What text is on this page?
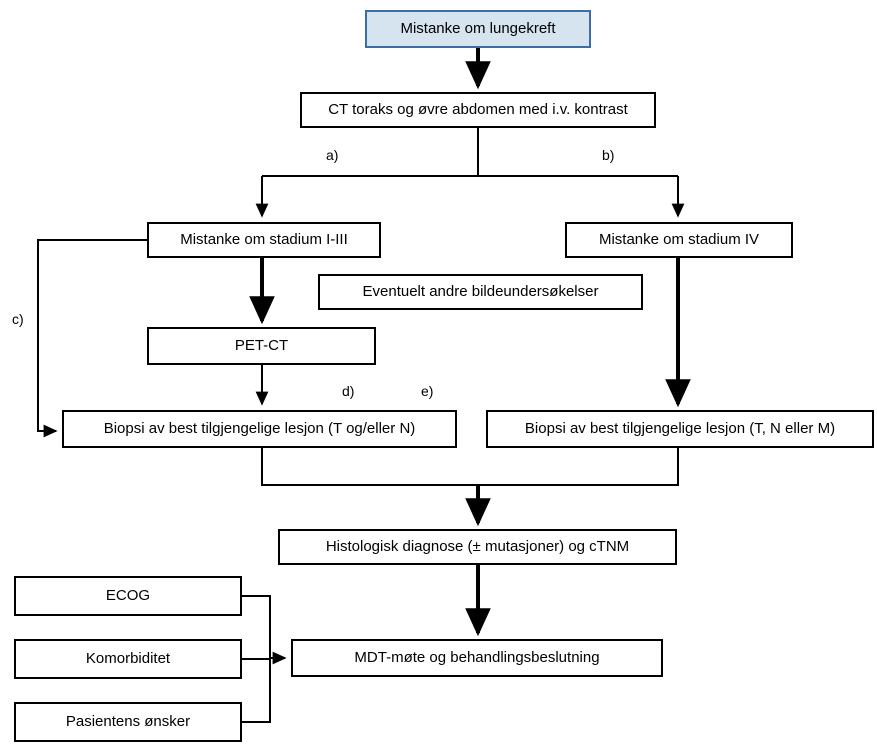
Mistanke om lungekreft
CT toraks og øvre abdomen med i.v. kontrast
Mistanke om stadium I-III	Mistanke om stadium IV
Eventuelt andre bildeundersøkelser
PET-CT
Biopsi av best tilgjengelige lesjon (T og/eller N)	Biopsi av best tilgjengelige lesjon (T, N eller M)
Histologisk diagnose (± mutasjoner) og cTNM
ECOG
Komorbiditet
Pasientens ønsker
MDT-møte og behandlingsbeslutning
a)	b)
c)
d)	e)
